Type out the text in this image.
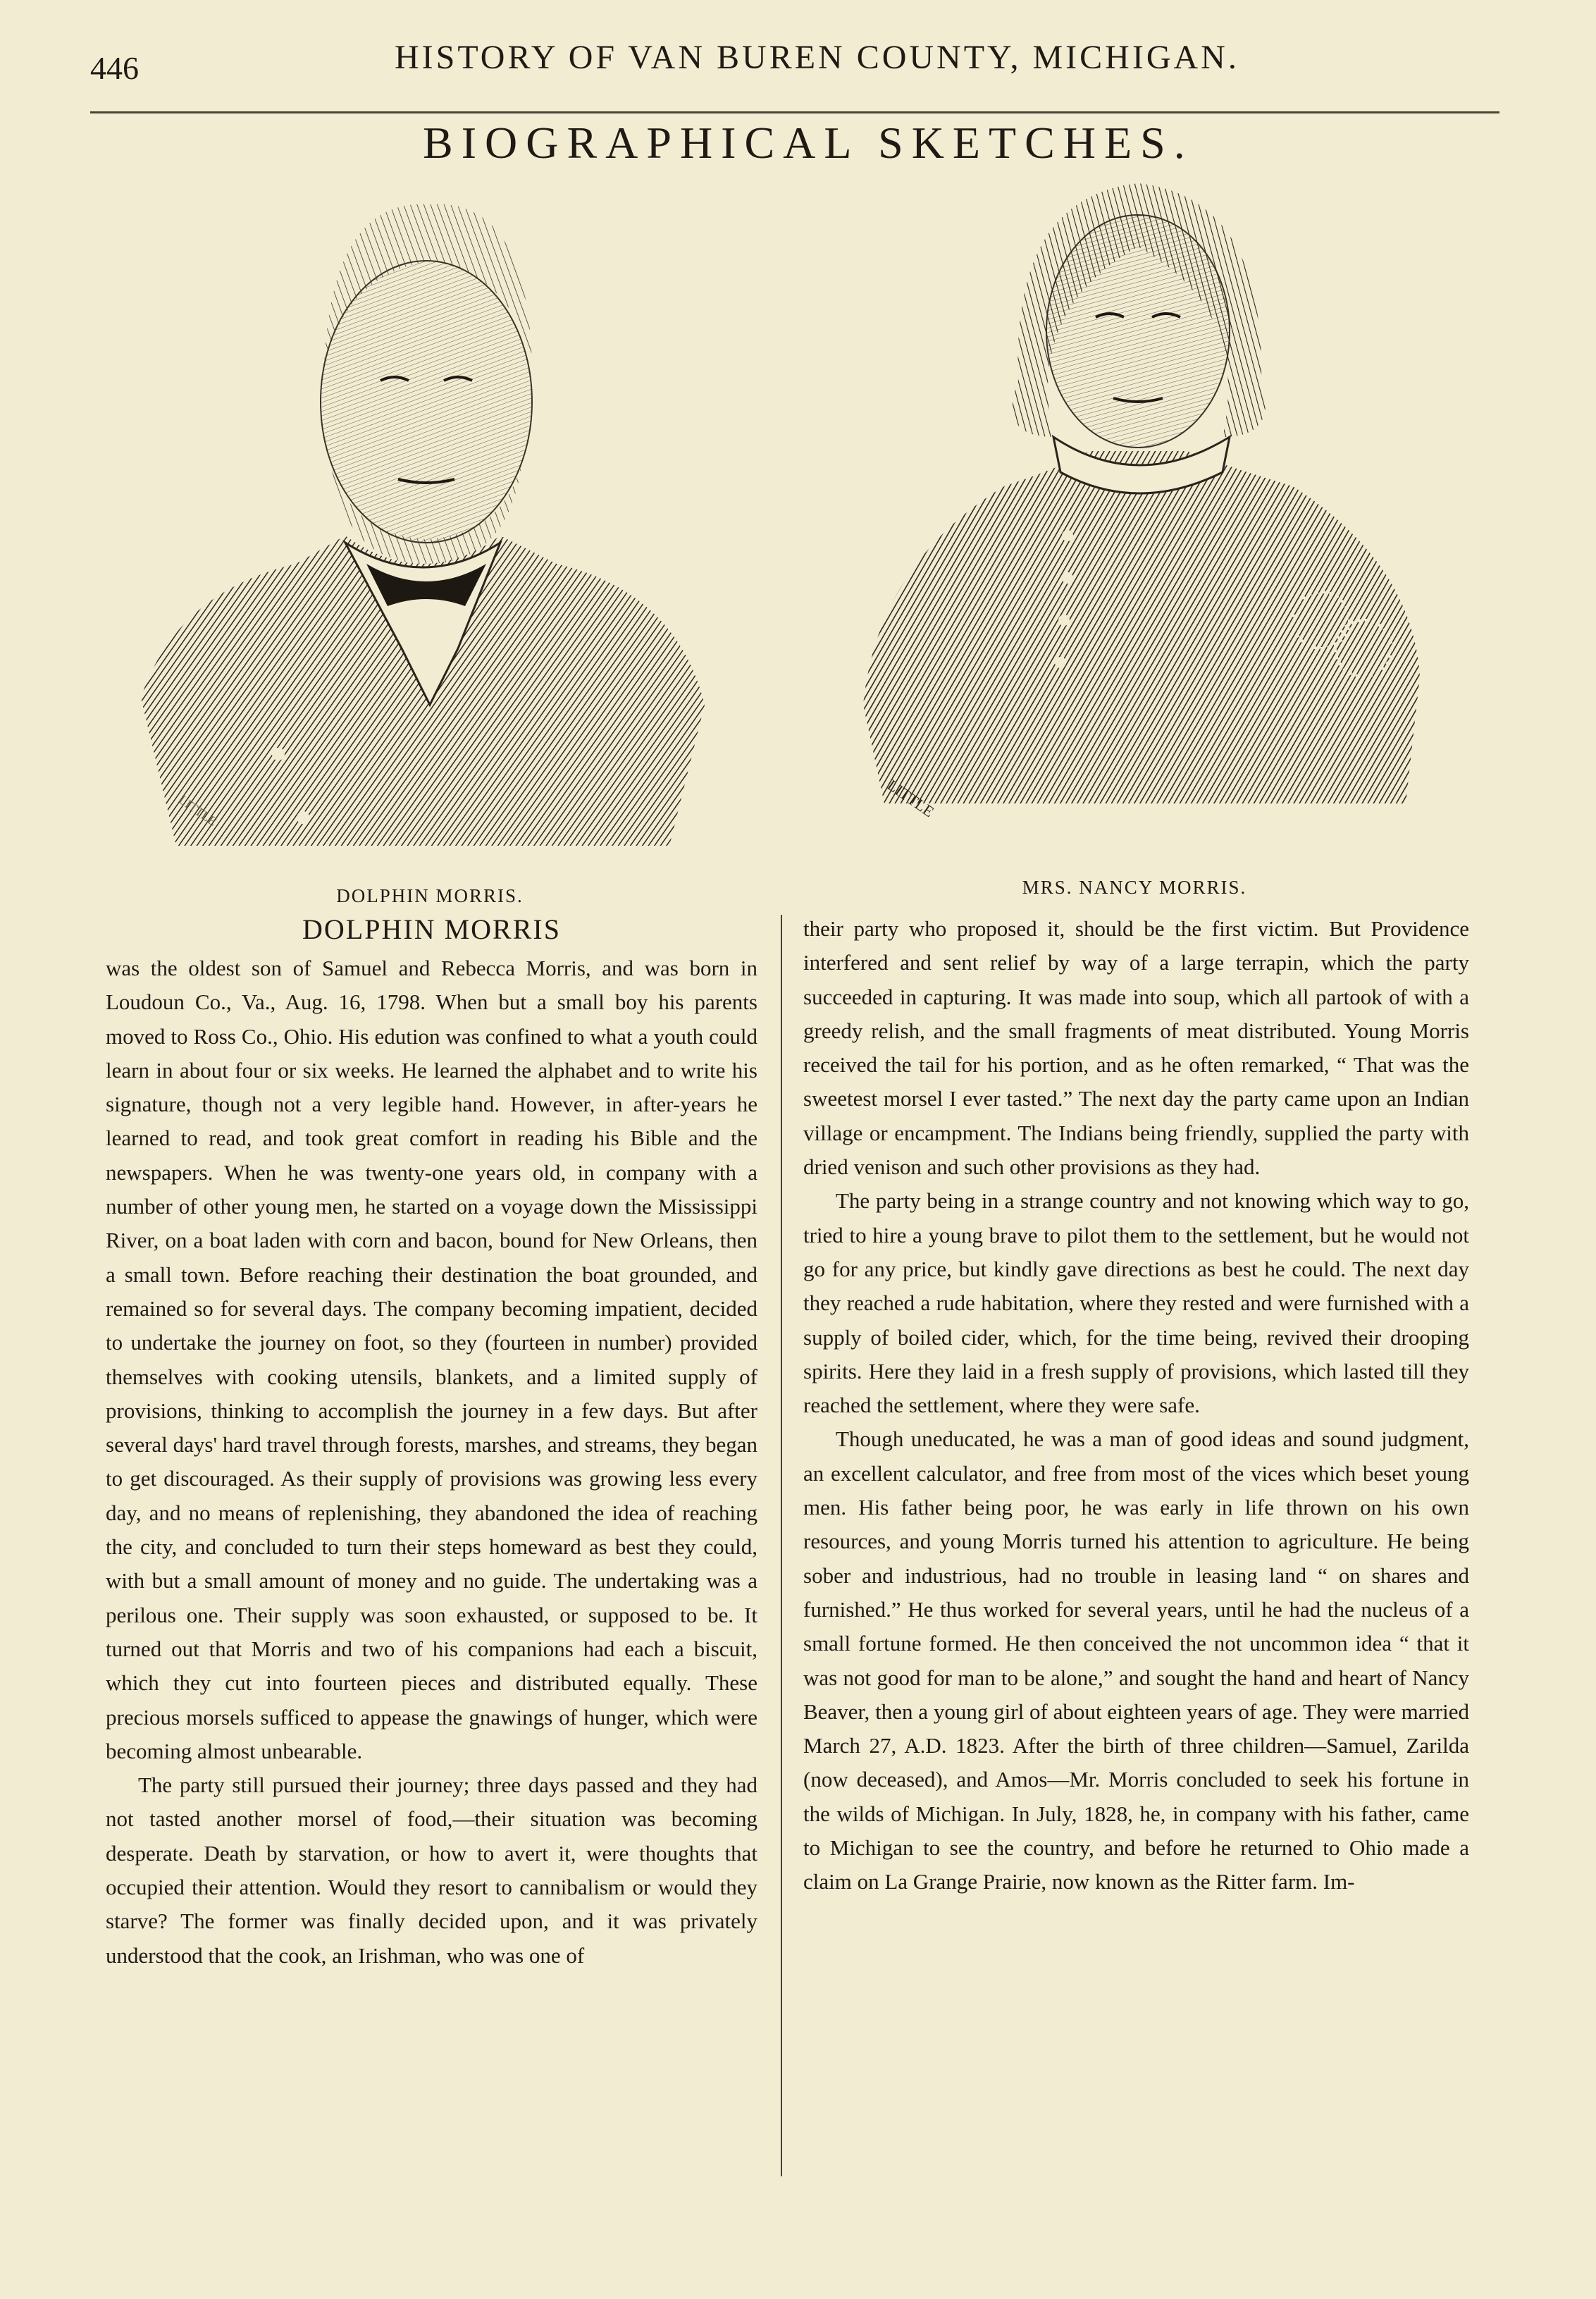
446	HISTORY OF VAN BUREN COUNTY, MICHIGAN.
BIOGRAPHICAL SKETCHES.
LITTLE	LITTLE
DOLPHIN MORRIS.	MRS. NANCY MORRIS.
DOLPHIN MORRIS

was the oldest son of Samuel and Rebecca Morris, and was born in Loudoun Co., Va., Aug. 16, 1798. When but a small boy his parents moved to Ross Co., Ohio. His edution was confined to what a youth could learn in about four or six weeks. He learned the alphabet and to write his signature, though not a very legible hand. However, in after-years he learned to read, and took great comfort in reading his Bible and the newspapers. When he was twenty-one years old, in company with a number of other young men, he started on a voyage down the Mississippi River, on a boat laden with corn and bacon, bound for New Orleans, then a small town. Before reaching their destination the boat grounded, and remained so for several days. The company becoming impatient, decided to undertake the journey on foot, so they (fourteen in number) provided themselves with cooking utensils, blankets, and a limited supply of provisions, thinking to accomplish the journey in a few days. But after several days' hard travel through forests, marshes, and streams, they began to get discouraged. As their supply of provisions was growing less every day, and no means of replenishing, they abandoned the idea of reaching the city, and concluded to turn their steps homeward as best they could, with but a small amount of money and no guide. The undertaking was a perilous one. Their supply was soon exhausted, or supposed to be. It turned out that Morris and two of his companions had each a biscuit, which they cut into fourteen pieces and distributed equally. These precious morsels sufficed to appease the gnawings of hunger, which were becoming almost unbearable.

The party still pursued their journey; three days passed and they had not tasted another morsel of food,—their situation was becoming desperate. Death by starvation, or how to avert it, were thoughts that occupied their attention. Would they resort to cannibalism or would they starve? The former was finally decided upon, and it was privately understood that the cook, an Irishman, who was one of

their party who proposed it, should be the first victim. But Providence interfered and sent relief by way of a large terrapin, which the party succeeded in capturing. It was made into soup, which all partook of with a greedy relish, and the small fragments of meat distributed. Young Morris received the tail for his portion, and as he often remarked, “ That was the sweetest morsel I ever tasted.” The next day the party came upon an Indian village or encampment. The Indians being friendly, supplied the party with dried venison and such other provisions as they had.

The party being in a strange country and not knowing which way to go, tried to hire a young brave to pilot them to the settlement, but he would not go for any price, but kindly gave directions as best he could. The next day they reached a rude habitation, where they rested and were furnished with a supply of boiled cider, which, for the time being, revived their drooping spirits. Here they laid in a fresh supply of provisions, which lasted till they reached the settlement, where they were safe.

Though uneducated, he was a man of good ideas and sound judgment, an excellent calculator, and free from most of the vices which beset young men. His father being poor, he was early in life thrown on his own resources, and young Morris turned his attention to agriculture. He being sober and industrious, had no trouble in leasing land “ on shares and furnished.” He thus worked for several years, until he had the nucleus of a small fortune formed. He then conceived the not uncommon idea “ that it was not good for man to be alone,” and sought the hand and heart of Nancy Beaver, then a young girl of about eighteen years of age. They were married March 27, A.D. 1823. After the birth of three children—Samuel, Zarilda (now deceased), and Amos—Mr. Morris concluded to seek his fortune in the wilds of Michigan. In July, 1828, he, in company with his father, came to Michigan to see the country, and before he returned to Ohio made a claim on La Grange Prairie, now known as the Ritter farm. Im-
